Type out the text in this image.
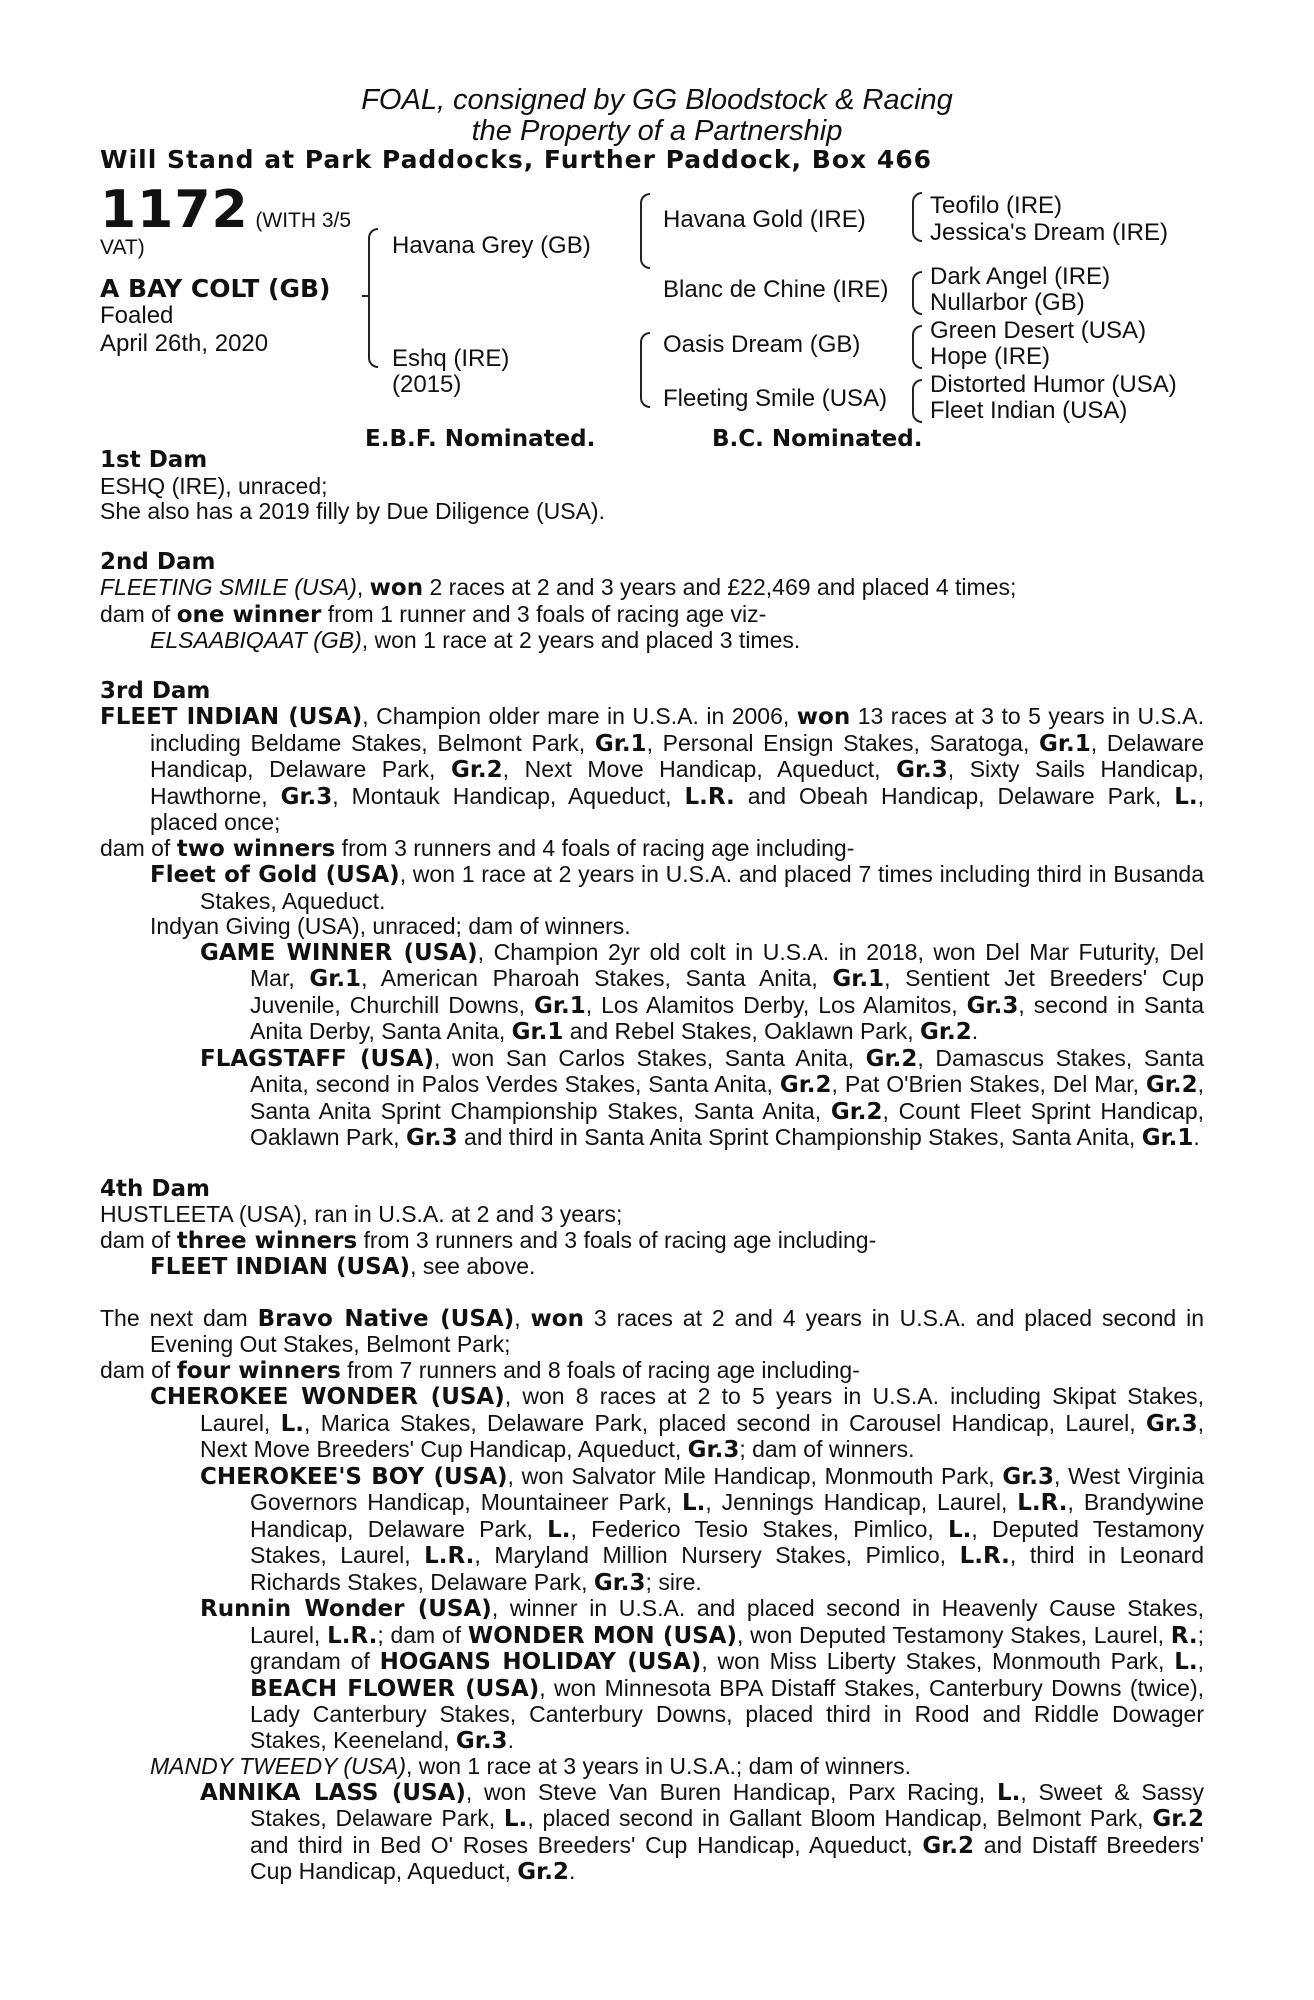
FOAL, consigned by GG Bloodstock & Racing
the Property of a Partnership
Will Stand at Park Paddocks, Further Paddock, Box 466
1172 (WITH 3/5
VAT)
A BAY COLT (GB)
Foaled
April 26th, 2020
Havana Grey (GB)
Eshq (IRE)
(2015)
Havana Gold (IRE)
Blanc de Chine (IRE)
Oasis Dream (GB)
Fleeting Smile (USA)
Teofilo (IRE)
Jessica's Dream (IRE)
Dark Angel (IRE)
Nullarbor (GB)
Green Desert (USA)
Hope (IRE)
Distorted Humor (USA)
Fleet Indian (USA)
E.B.F. Nominated.	B.C. Nominated.
1st Dam
ESHQ (IRE), unraced;
She also has a 2019 filly by Due Diligence (USA).
2nd Dam
FLEETING SMILE (USA), won 2 races at 2 and 3 years and £22,469 and placed 4 times;
dam of one winner from 1 runner and 3 foals of racing age viz-
ELSAABIQAAT (GB), won 1 race at 2 years and placed 3 times.
3rd Dam
FLEET INDIAN (USA), Champion older mare in U.S.A. in 2006, won 13 races at 3 to 5 years in U.S.A. including Beldame Stakes, Belmont Park, Gr.1, Personal Ensign Stakes, Saratoga, Gr.1, Delaware Handicap, Delaware Park, Gr.2, Next Move Handicap, Aqueduct, Gr.3, Sixty Sails Handicap, Hawthorne, Gr.3, Montauk Handicap, Aqueduct, L.R. and Obeah Handicap, Delaware Park, L., placed once;
dam of two winners from 3 runners and 4 foals of racing age including-
Fleet of Gold (USA), won 1 race at 2 years in U.S.A. and placed 7 times including third in Busanda Stakes, Aqueduct.
Indyan Giving (USA), unraced; dam of winners.
GAME WINNER (USA), Champion 2yr old colt in U.S.A. in 2018, won Del Mar Futurity, Del Mar, Gr.1, American Pharoah Stakes, Santa Anita, Gr.1, Sentient Jet Breeders' Cup Juvenile, Churchill Downs, Gr.1, Los Alamitos Derby, Los Alamitos, Gr.3, second in Santa Anita Derby, Santa Anita, Gr.1 and Rebel Stakes, Oaklawn Park, Gr.2.
FLAGSTAFF (USA), won San Carlos Stakes, Santa Anita, Gr.2, Damascus Stakes, Santa Anita, second in Palos Verdes Stakes, Santa Anita, Gr.2, Pat O'Brien Stakes, Del Mar, Gr.2, Santa Anita Sprint Championship Stakes, Santa Anita, Gr.2, Count Fleet Sprint Handicap, Oaklawn Park, Gr.3 and third in Santa Anita Sprint Championship Stakes, Santa Anita, Gr.1.
4th Dam
HUSTLEETA (USA), ran in U.S.A. at 2 and 3 years;
dam of three winners from 3 runners and 3 foals of racing age including-
FLEET INDIAN (USA), see above.
The next dam Bravo Native (USA), won 3 races at 2 and 4 years in U.S.A. and placed second in Evening Out Stakes, Belmont Park;
dam of four winners from 7 runners and 8 foals of racing age including-
CHEROKEE WONDER (USA), won 8 races at 2 to 5 years in U.S.A. including Skipat Stakes, Laurel, L., Marica Stakes, Delaware Park, placed second in Carousel Handicap, Laurel, Gr.3, Next Move Breeders' Cup Handicap, Aqueduct, Gr.3; dam of winners.
CHEROKEE'S BOY (USA), won Salvator Mile Handicap, Monmouth Park, Gr.3, West Virginia Governors Handicap, Mountaineer Park, L., Jennings Handicap, Laurel, L.R., Brandywine Handicap, Delaware Park, L., Federico Tesio Stakes, Pimlico, L., Deputed Testamony Stakes, Laurel, L.R., Maryland Million Nursery Stakes, Pimlico, L.R., third in Leonard Richards Stakes, Delaware Park, Gr.3; sire.
Runnin Wonder (USA), winner in U.S.A. and placed second in Heavenly Cause Stakes, Laurel, L.R.; dam of WONDER MON (USA), won Deputed Testamony Stakes, Laurel, R.; grandam of HOGANS HOLIDAY (USA), won Miss Liberty Stakes, Monmouth Park, L., BEACH FLOWER (USA), won Minnesota BPA Distaff Stakes, Canterbury Downs (twice), Lady Canterbury Stakes, Canterbury Downs, placed third in Rood and Riddle Dowager Stakes, Keeneland, Gr.3.
MANDY TWEEDY (USA), won 1 race at 3 years in U.S.A.; dam of winners.
ANNIKA LASS (USA), won Steve Van Buren Handicap, Parx Racing, L., Sweet & Sassy Stakes, Delaware Park, L., placed second in Gallant Bloom Handicap, Belmont Park, Gr.2 and third in Bed O' Roses Breeders' Cup Handicap, Aqueduct, Gr.2 and Distaff Breeders' Cup Handicap, Aqueduct, Gr.2.
